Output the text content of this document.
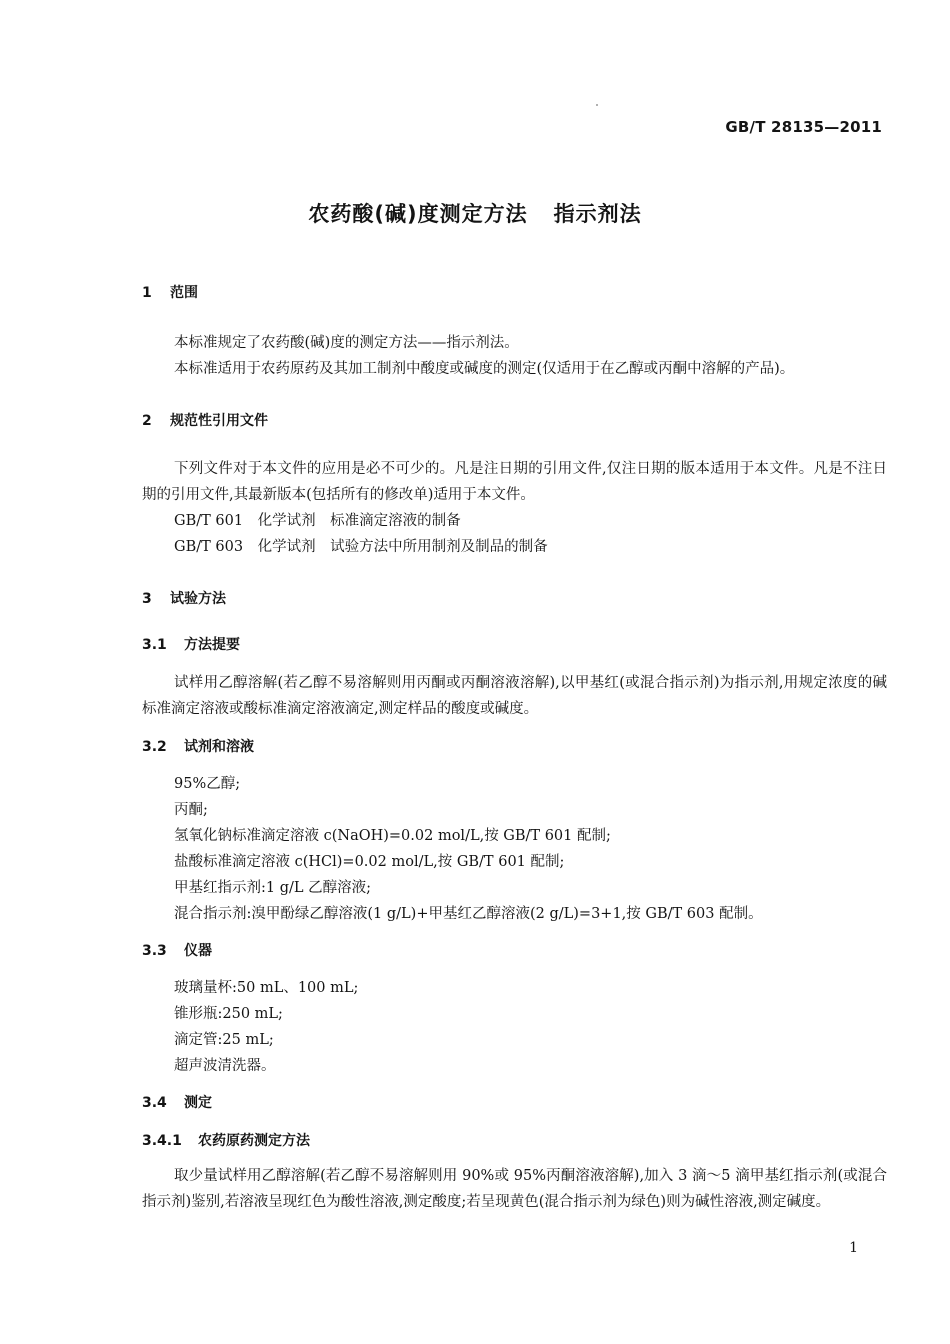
GB/T 28135—2011
农药酸(碱)度测定方法 指示剂法
1 范围
本标准规定了农药酸(碱)度的测定方法——指示剂法。
本标准适用于农药原药及其加工制剂中酸度或碱度的测定(仅适用于在乙醇或丙酮中溶解的产品)。
2 规范性引用文件
下列文件对于本文件的应用是必不可少的。凡是注日期的引用文件,仅注日期的版本适用于本文件。凡是不注日期的引用文件,其最新版本(包括所有的修改单)适用于本文件。
GB/T 601　化学试剂　标准滴定溶液的制备
GB/T 603　化学试剂　试验方法中所用制剂及制品的制备
3 试验方法
3.1 方法提要
试样用乙醇溶解(若乙醇不易溶解则用丙酮或丙酮溶液溶解),以甲基红(或混合指示剂)为指示剂,用规定浓度的碱标准滴定溶液或酸标准滴定溶液滴定,测定样品的酸度或碱度。
3.2 试剂和溶液
95%乙醇;
丙酮;
氢氧化钠标准滴定溶液 c(NaOH)=0.02 mol/L,按 GB/T 601 配制;
盐酸标准滴定溶液 c(HCl)=0.02 mol/L,按 GB/T 601 配制;
甲基红指示剂:1 g/L 乙醇溶液;
混合指示剂:溴甲酚绿乙醇溶液(1 g/L)+甲基红乙醇溶液(2 g/L)=3+1,按 GB/T 603 配制。
3.3 仪器
玻璃量杯:50 mL、100 mL;
锥形瓶:250 mL;
滴定管:25 mL;
超声波清洗器。
3.4 测定
3.4.1 农药原药测定方法
取少量试样用乙醇溶解(若乙醇不易溶解则用 90%或 95%丙酮溶液溶解),加入 3 滴～5 滴甲基红指示剂(或混合指示剂)鉴别,若溶液呈现红色为酸性溶液,测定酸度;若呈现黄色(混合指示剂为绿色)则为碱性溶液,测定碱度。
1
